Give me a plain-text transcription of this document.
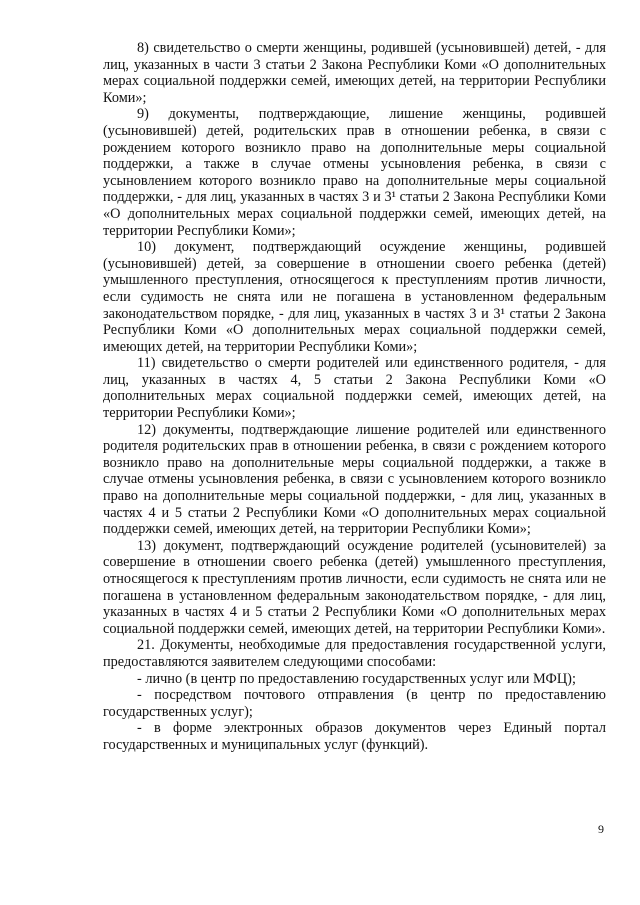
8) свидетельство о смерти женщины, родившей (усыновившей) детей, - для лиц, указанных в части 3 статьи 2 Закона Республики Коми «О дополнительных мерах социальной поддержки семей, имеющих детей, на территории Республики Коми»;

9) документы, подтверждающие, лишение женщины, родившей (усыновившей) детей, родительских прав в отношении ребенка, в связи с рождением которого возникло право на дополнительные меры социальной поддержки, а также в случае отмены усыновления ребенка, в связи с усыновлением которого возникло право на дополнительные меры социальной поддержки, - для лиц, указанных в частях 3 и 3¹ статьи 2 Закона Республики Коми «О дополнительных мерах социальной поддержки семей, имеющих детей, на территории Республики Коми»;

10) документ, подтверждающий осуждение женщины, родившей (усыновившей) детей, за совершение в отношении своего ребенка (детей) умышленного преступления, относящегося к преступлениям против личности, если судимость не снята или не погашена в установленном федеральным законодательством порядке, - для лиц, указанных в частях 3 и 3¹ статьи 2 Закона Республики Коми «О дополнительных мерах социальной поддержки семей, имеющих детей, на территории Республики Коми»;

11) свидетельство о смерти родителей или единственного родителя, - для лиц, указанных в частях 4, 5 статьи 2 Закона Республики Коми «О дополнительных мерах социальной поддержки семей, имеющих детей, на территории Республики Коми»;

12) документы, подтверждающие лишение родителей или единственного родителя родительских прав в отношении ребенка, в связи с рождением которого возникло право на дополнительные меры социальной поддержки, а также в случае отмены усыновления ребенка, в связи с усыновлением которого возникло право на дополнительные меры социальной поддержки, - для лиц, указанных в частях 4 и 5 статьи 2 Республики Коми «О дополнительных мерах социальной поддержки семей, имеющих детей, на территории Республики Коми»;

13) документ, подтверждающий осуждение родителей (усыновителей) за совершение в отношении своего ребенка (детей) умышленного преступления, относящегося к преступлениям против личности, если судимость не снята или не погашена в установленном федеральным законодательством порядке, - для лиц, указанных в частях 4 и 5 статьи 2 Республики Коми «О дополнительных мерах социальной поддержки семей, имеющих детей, на территории Республики Коми».

21. Документы, необходимые для предоставления государственной услуги, предоставляются заявителем следующими способами:

- лично (в центр по предоставлению государственных услуг или МФЦ);

- посредством почтового отправления (в центр по предоставлению государственных услуг);

- в форме электронных образов документов через Единый портал государственных и муниципальных услуг (функций).

9
